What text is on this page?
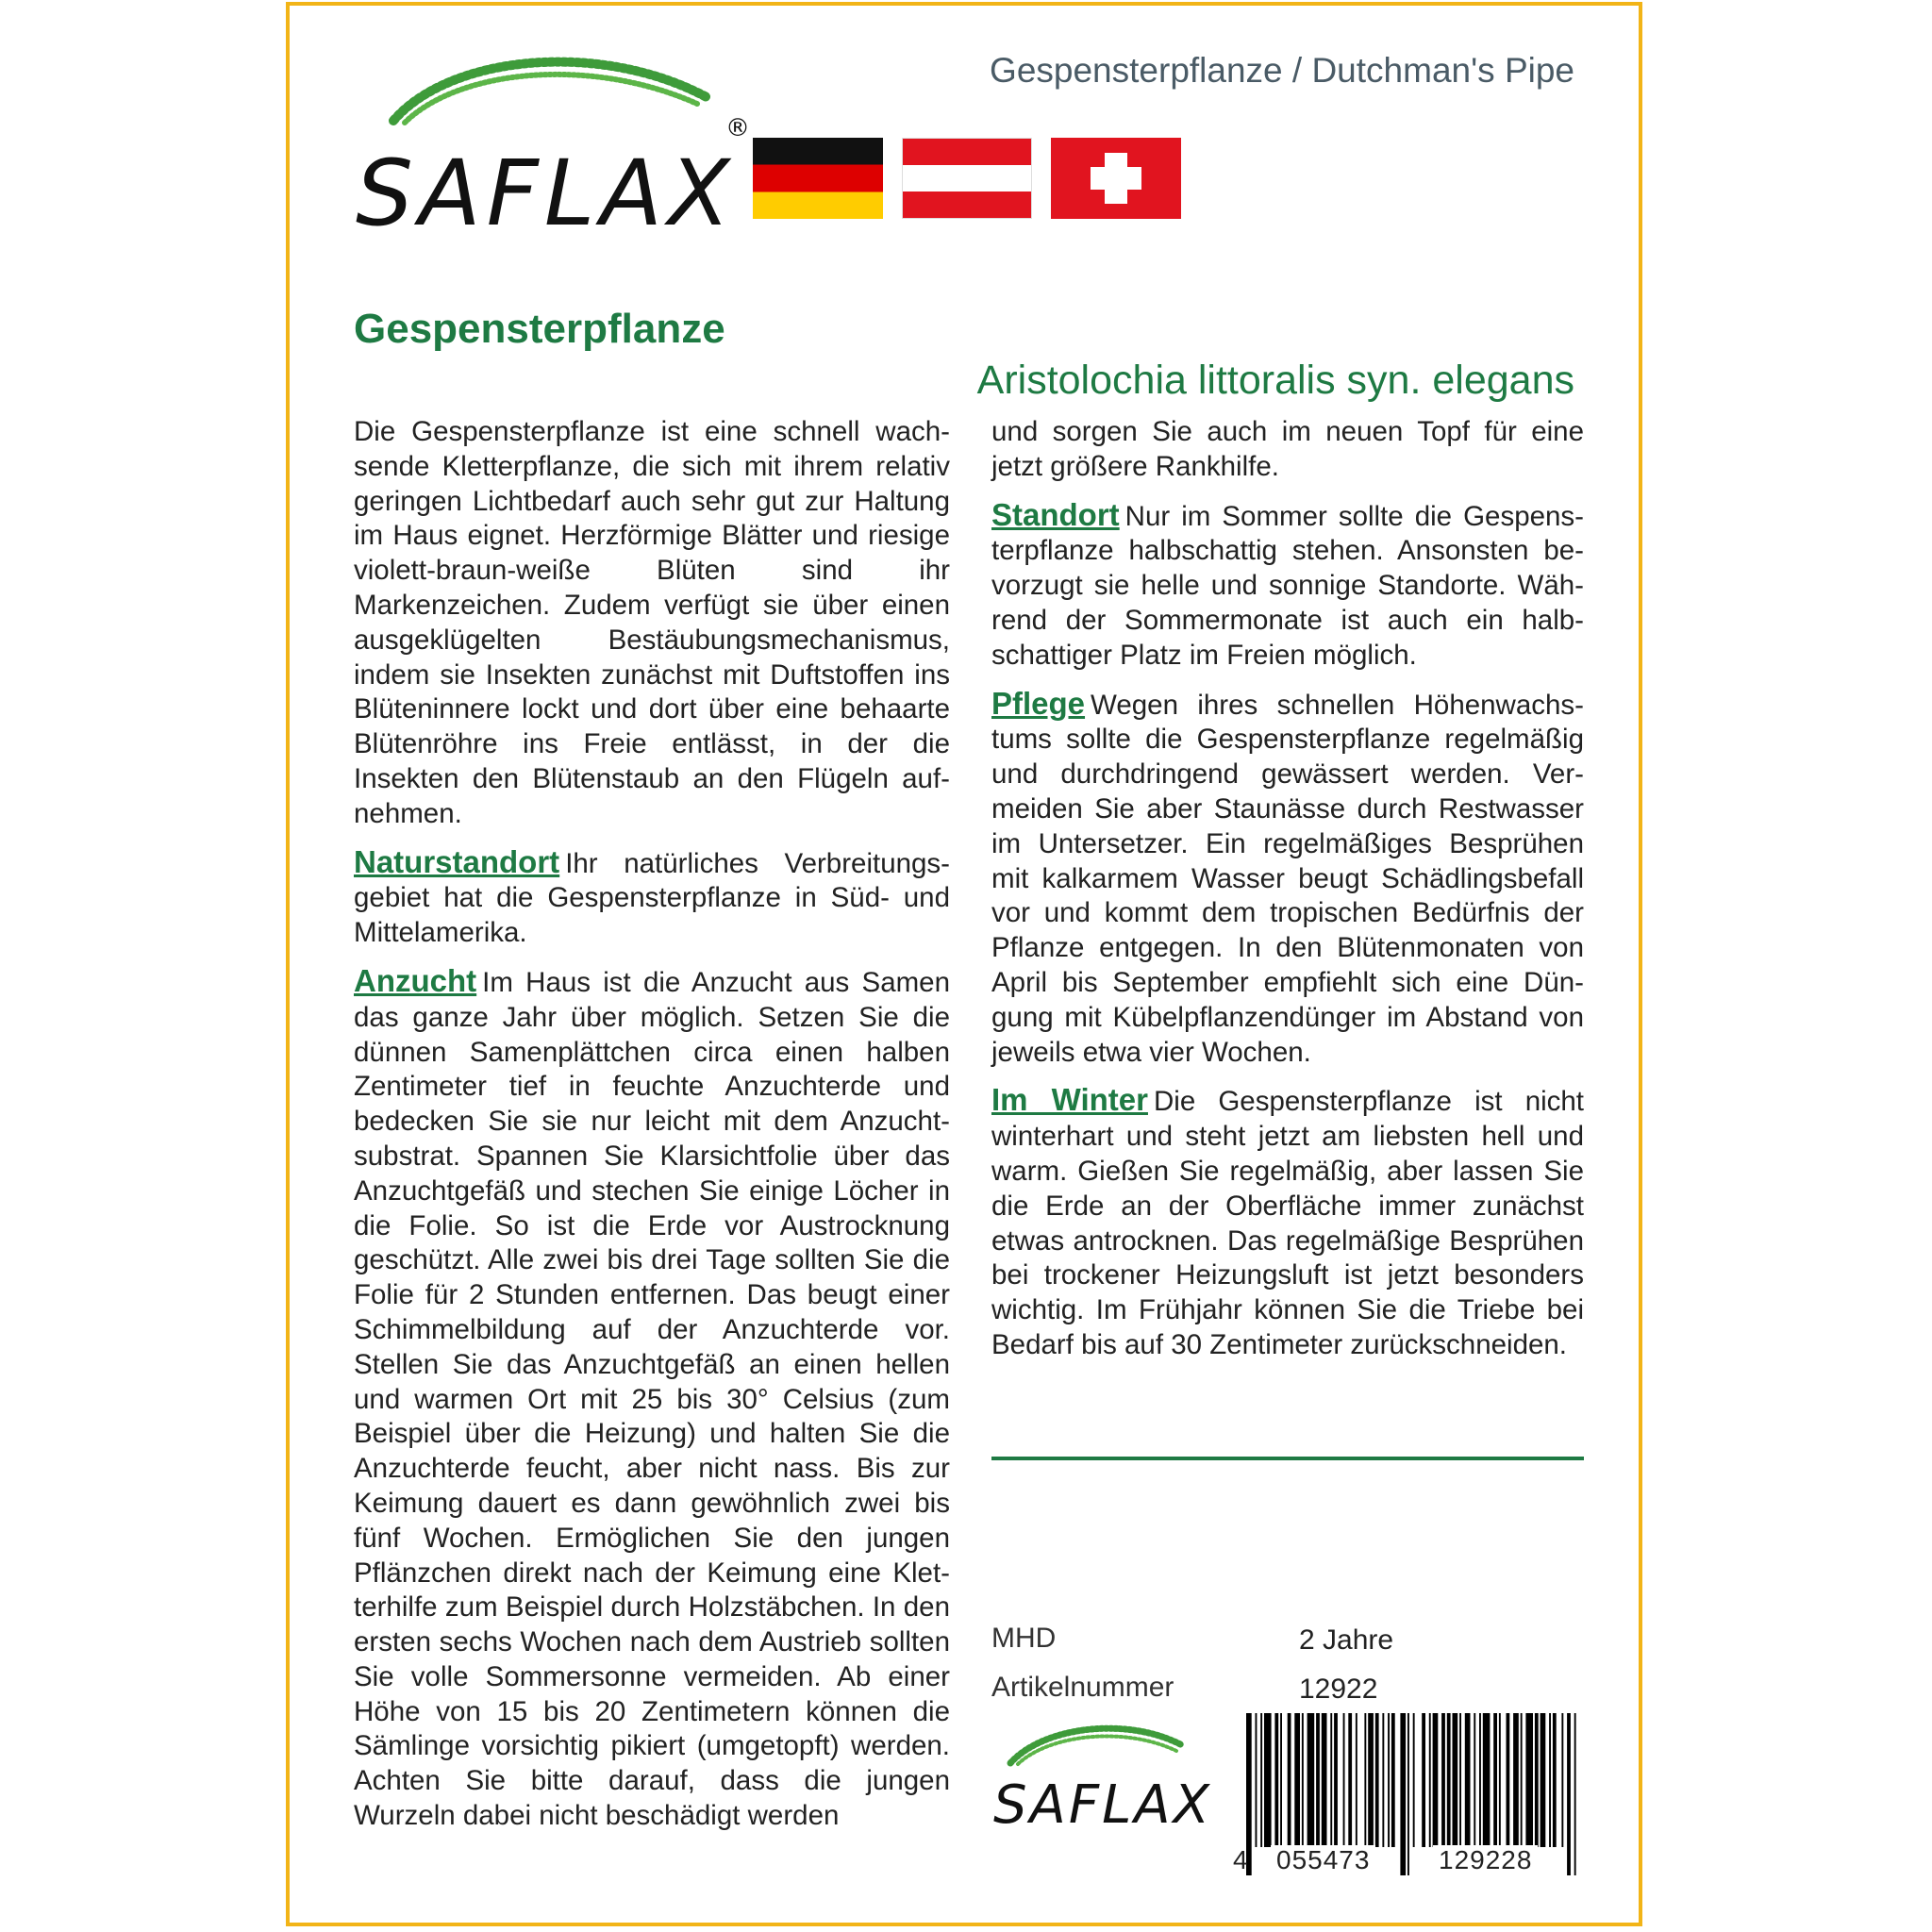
Gespensterpflanze / Dutchman's Pipe
SAFLAX
®
Gespensterpflanze
Aristolochia littoralis syn. elegans

Die Gespensterpflanze ist eine schnell wachsende Kletterpflanze, die sich mit ihrem relativ geringen Lichtbedarf auch sehr gut zur Haltung im Haus eignet. Herzförmige Blätter und riesige violett-braun-weiße Blüten sind ihr Markenzeichen. Zudem verfügt sie über einen ausgeklügelten Bestäubungsmechanismus, indem sie Insekten zunächst mit Duftstoffen ins Blüteninnere lockt und dort über eine behaarte Blütenröhre ins Freie entlässt, in der die Insekten den Blütenstaub an den Flügeln aufnehmen.

Naturstandort Ihr natürliches Verbreitungsgebiet hat die Gespensterpflanze in Süd- und Mittelamerika.

Anzucht Im Haus ist die Anzucht aus Samen das ganze Jahr über möglich. Setzen Sie die dünnen Samenplättchen circa einen halben Zentimeter tief in feuchte Anzuchterde und bedecken Sie sie nur leicht mit dem Anzuchtsubstrat. Spannen Sie Klarsichtfolie über das Anzuchtgefäß und stechen Sie einige Löcher in die Folie. So ist die Erde vor Austrocknung geschützt. Alle zwei bis drei Tage sollten Sie die Folie für 2 Stunden entfernen. Das beugt einer Schimmelbildung auf der Anzuchterde vor. Stellen Sie das Anzuchtgefäß an einen hellen und warmen Ort mit 25 bis 30° Celsius (zum Beispiel über die Heizung) und halten Sie die Anzuchterde feucht, aber nicht nass. Bis zur Keimung dauert es dann gewöhnlich zwei bis fünf Wochen. Ermöglichen Sie den jungen Pflänzchen direkt nach der Keimung eine Kletterhilfe zum Beispiel durch Holzstäbchen. In den ersten sechs Wochen nach dem Austrieb sollten Sie volle Sommersonne vermeiden. Ab einer Höhe von 15 bis 20 Zentimetern können die Sämlinge vorsichtig pikiert (umgetopft) werden. Achten Sie bitte darauf, dass die jungen Wurzeln dabei nicht beschädigt werden

und sorgen Sie auch im neuen Topf für eine jetzt größere Rankhilfe.

Standort Nur im Sommer sollte die Gespensterpflanze halbschattig stehen. Ansonsten bevorzugt sie helle und sonnige Standorte. Während der Sommermonate ist auch ein halbschattiger Platz im Freien möglich.

Pflege Wegen ihres schnellen Höhenwachstums sollte die Gespensterpflanze regelmäßig und durchdringend gewässert werden. Vermeiden Sie aber Staunässe durch Restwasser im Untersetzer. Ein regelmäßiges Besprühen mit kalkarmem Wasser beugt Schädlingsbefall vor und kommt dem tropischen Bedürfnis der Pflanze entgegen. In den Blütenmonaten von April bis September empfiehlt sich eine Düngung mit Kübelpflanzendünger im Abstand von jeweils etwa vier Wochen.

Im Winter Die Gespensterpflanze ist nicht winterhart und steht jetzt am liebsten hell und warm. Gießen Sie regelmäßig, aber lassen Sie die Erde an der Oberfläche immer zunächst etwas antrocknen. Das regelmäßige Besprühen bei trockener Heizungsluft ist jetzt besonders wichtig. Im Frühjahr können Sie die Triebe bei Bedarf bis auf 30 Zentimeter zurückschneiden.

MHD	2 Jahre
Artikelnummer	12922
SAFLAX
4 055473	129228
